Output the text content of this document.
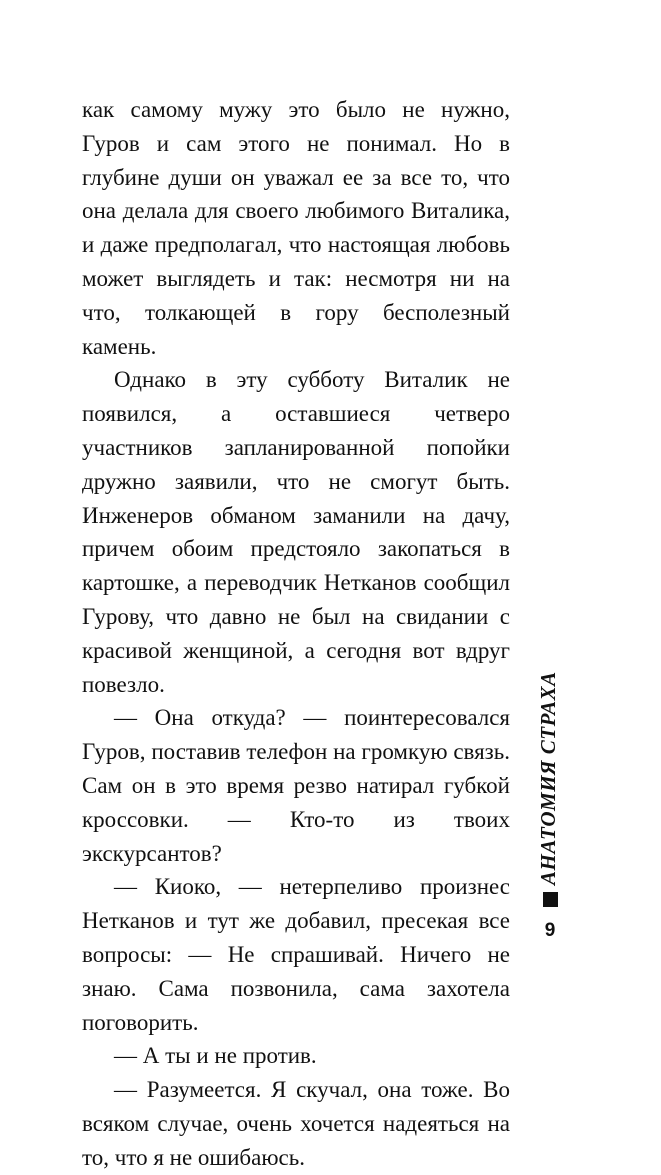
как самому мужу это было не нужно, Гуров и сам этого не понимал. Но в глубине души он уважал ее за все то, что она делала для своего любимого Виталика, и даже предполагал, что настоящая любовь может выглядеть и так: несмотря ни на что, толкающей в гору бесполезный камень.

Однако в эту субботу Виталик не появился, а оставшиеся четверо участников запланированной попойки дружно заявили, что не смогут быть. Инженеров обманом заманили на дачу, причем обоим предстояло закопаться в картошке, а переводчик Нетканов сообщил Гурову, что давно не был на свидании с красивой женщиной, а сегодня вот вдруг повезло.

— Она откуда? — поинтересовался Гуров, поставив телефон на громкую связь. Сам он в это время резво натирал губкой кроссовки. — Кто-то из твоих экскурсантов?

— Киоко, — нетерпеливо произнес Нетканов и тут же добавил, пресекая все вопросы: — Не спрашивай. Ничего не знаю. Сама позвонила, сама захотела поговорить.

— А ты и не против.

— Разумеется. Я скучал, она тоже. Во всяком случае, очень хочется надеяться на то, что я не ошибаюсь.

АНАТОМИЯ СТРАХА
9
